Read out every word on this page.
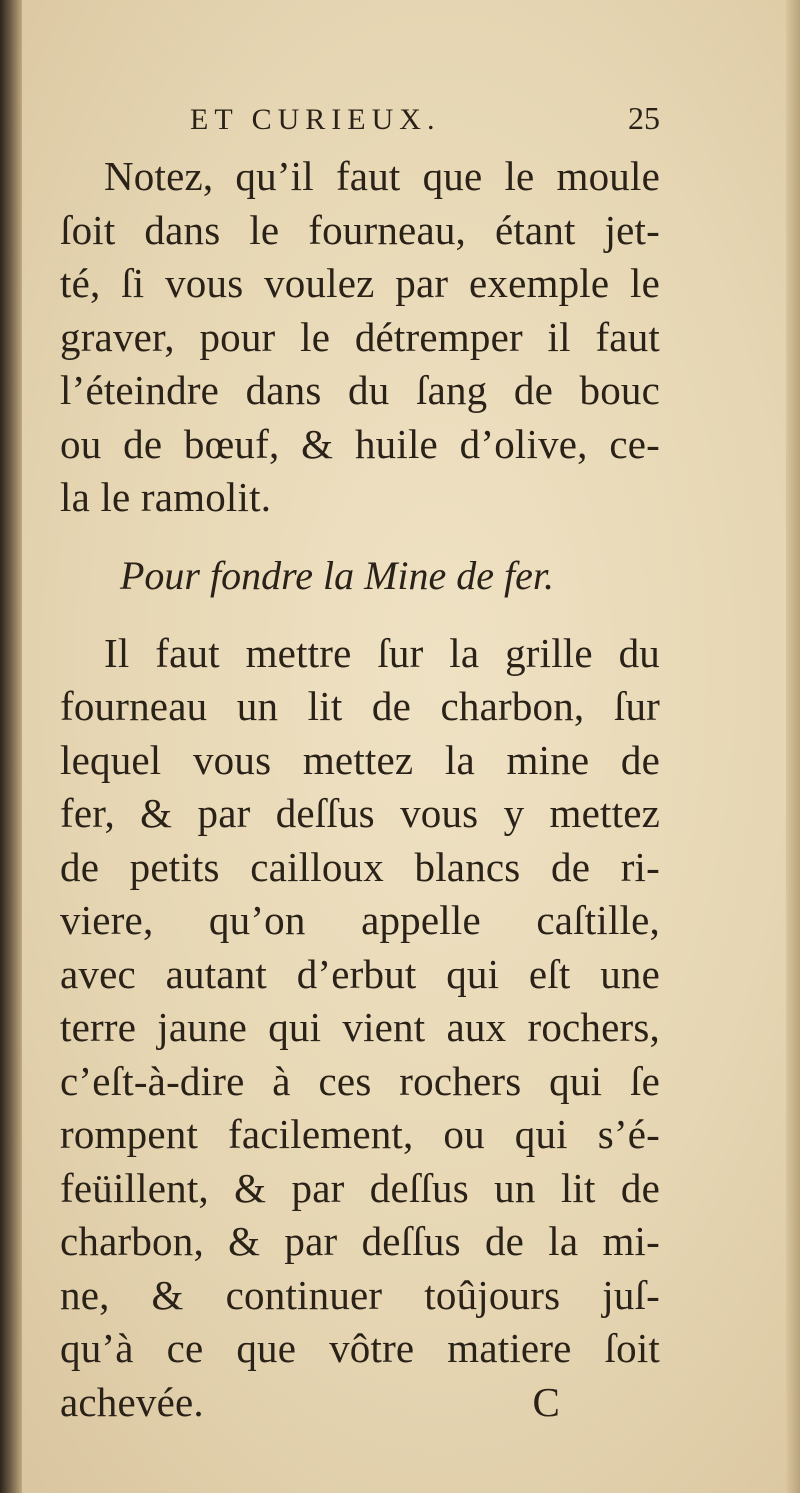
ET CURIEUX.	25
Notez, qu’il faut que le moule
ſoit dans le fourneau, étant jet-
té, ſi vous voulez par exemple le
graver, pour le détremper il faut
l’éteindre dans du ſang de bouc
ou de bœuf, & huile d’olive, ce-
la le ramolit.
Pour fondre la Mine de fer.
Il faut mettre ſur la grille du
fourneau un lit de charbon, ſur
lequel vous mettez la mine de
fer, & par deſſus vous y mettez
de petits cailloux blancs de ri-
viere, qu’on appelle caſtille,
avec autant d’erbut qui eſt une
terre jaune qui vient aux rochers,
c’eſt-à-dire à ces rochers qui ſe
rompent facilement, ou qui s’é-
feüillent, & par deſſus un lit de
charbon, & par deſſus de la mi-
ne, & continuer toûjours juſ-
qu’à ce que vôtre matiere ſoit
achevée.	C
